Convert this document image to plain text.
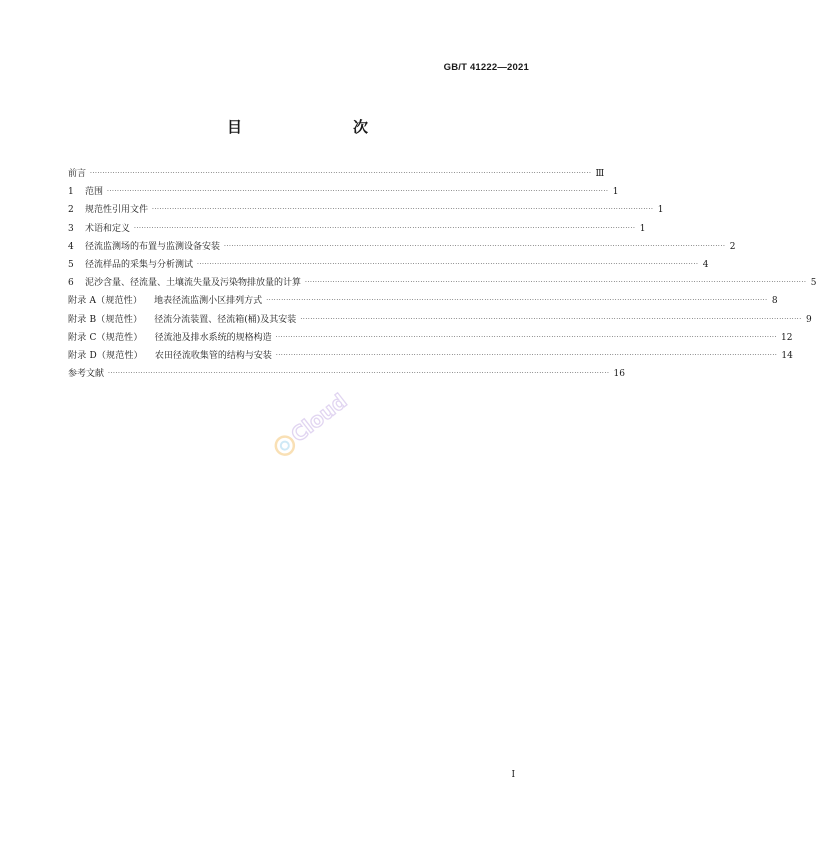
GB/T 41222—2021
目　　次
前言 ········································································································································································································ Ⅲ
1 范围 ········································································································································································································ 1
2 规范性引用文件 ········································································································································································································ 1
3 术语和定义 ········································································································································································································ 1
4 径流监测场的布置与监测设备安装 ········································································································································································································ 2
5 径流样品的采集与分析测试 ········································································································································································································ 4
6 泥沙含量、径流量、土壤流失量及污染物排放量的计算 ········································································································································································································ 5
附录 A（规范性） 地表径流监测小区排列方式 ········································································································································································································ 8
附录 B（规范性） 径流分流装置、径流箱(桶)及其安装 ········································································································································································································ 9
附录 C（规范性） 径流池及排水系统的规格构造 ········································································································································································································ 12
附录 D（规范性） 农田径流收集管的结构与安装 ········································································································································································································ 14
参考文献 ········································································································································································································ 16
Cloud
I
